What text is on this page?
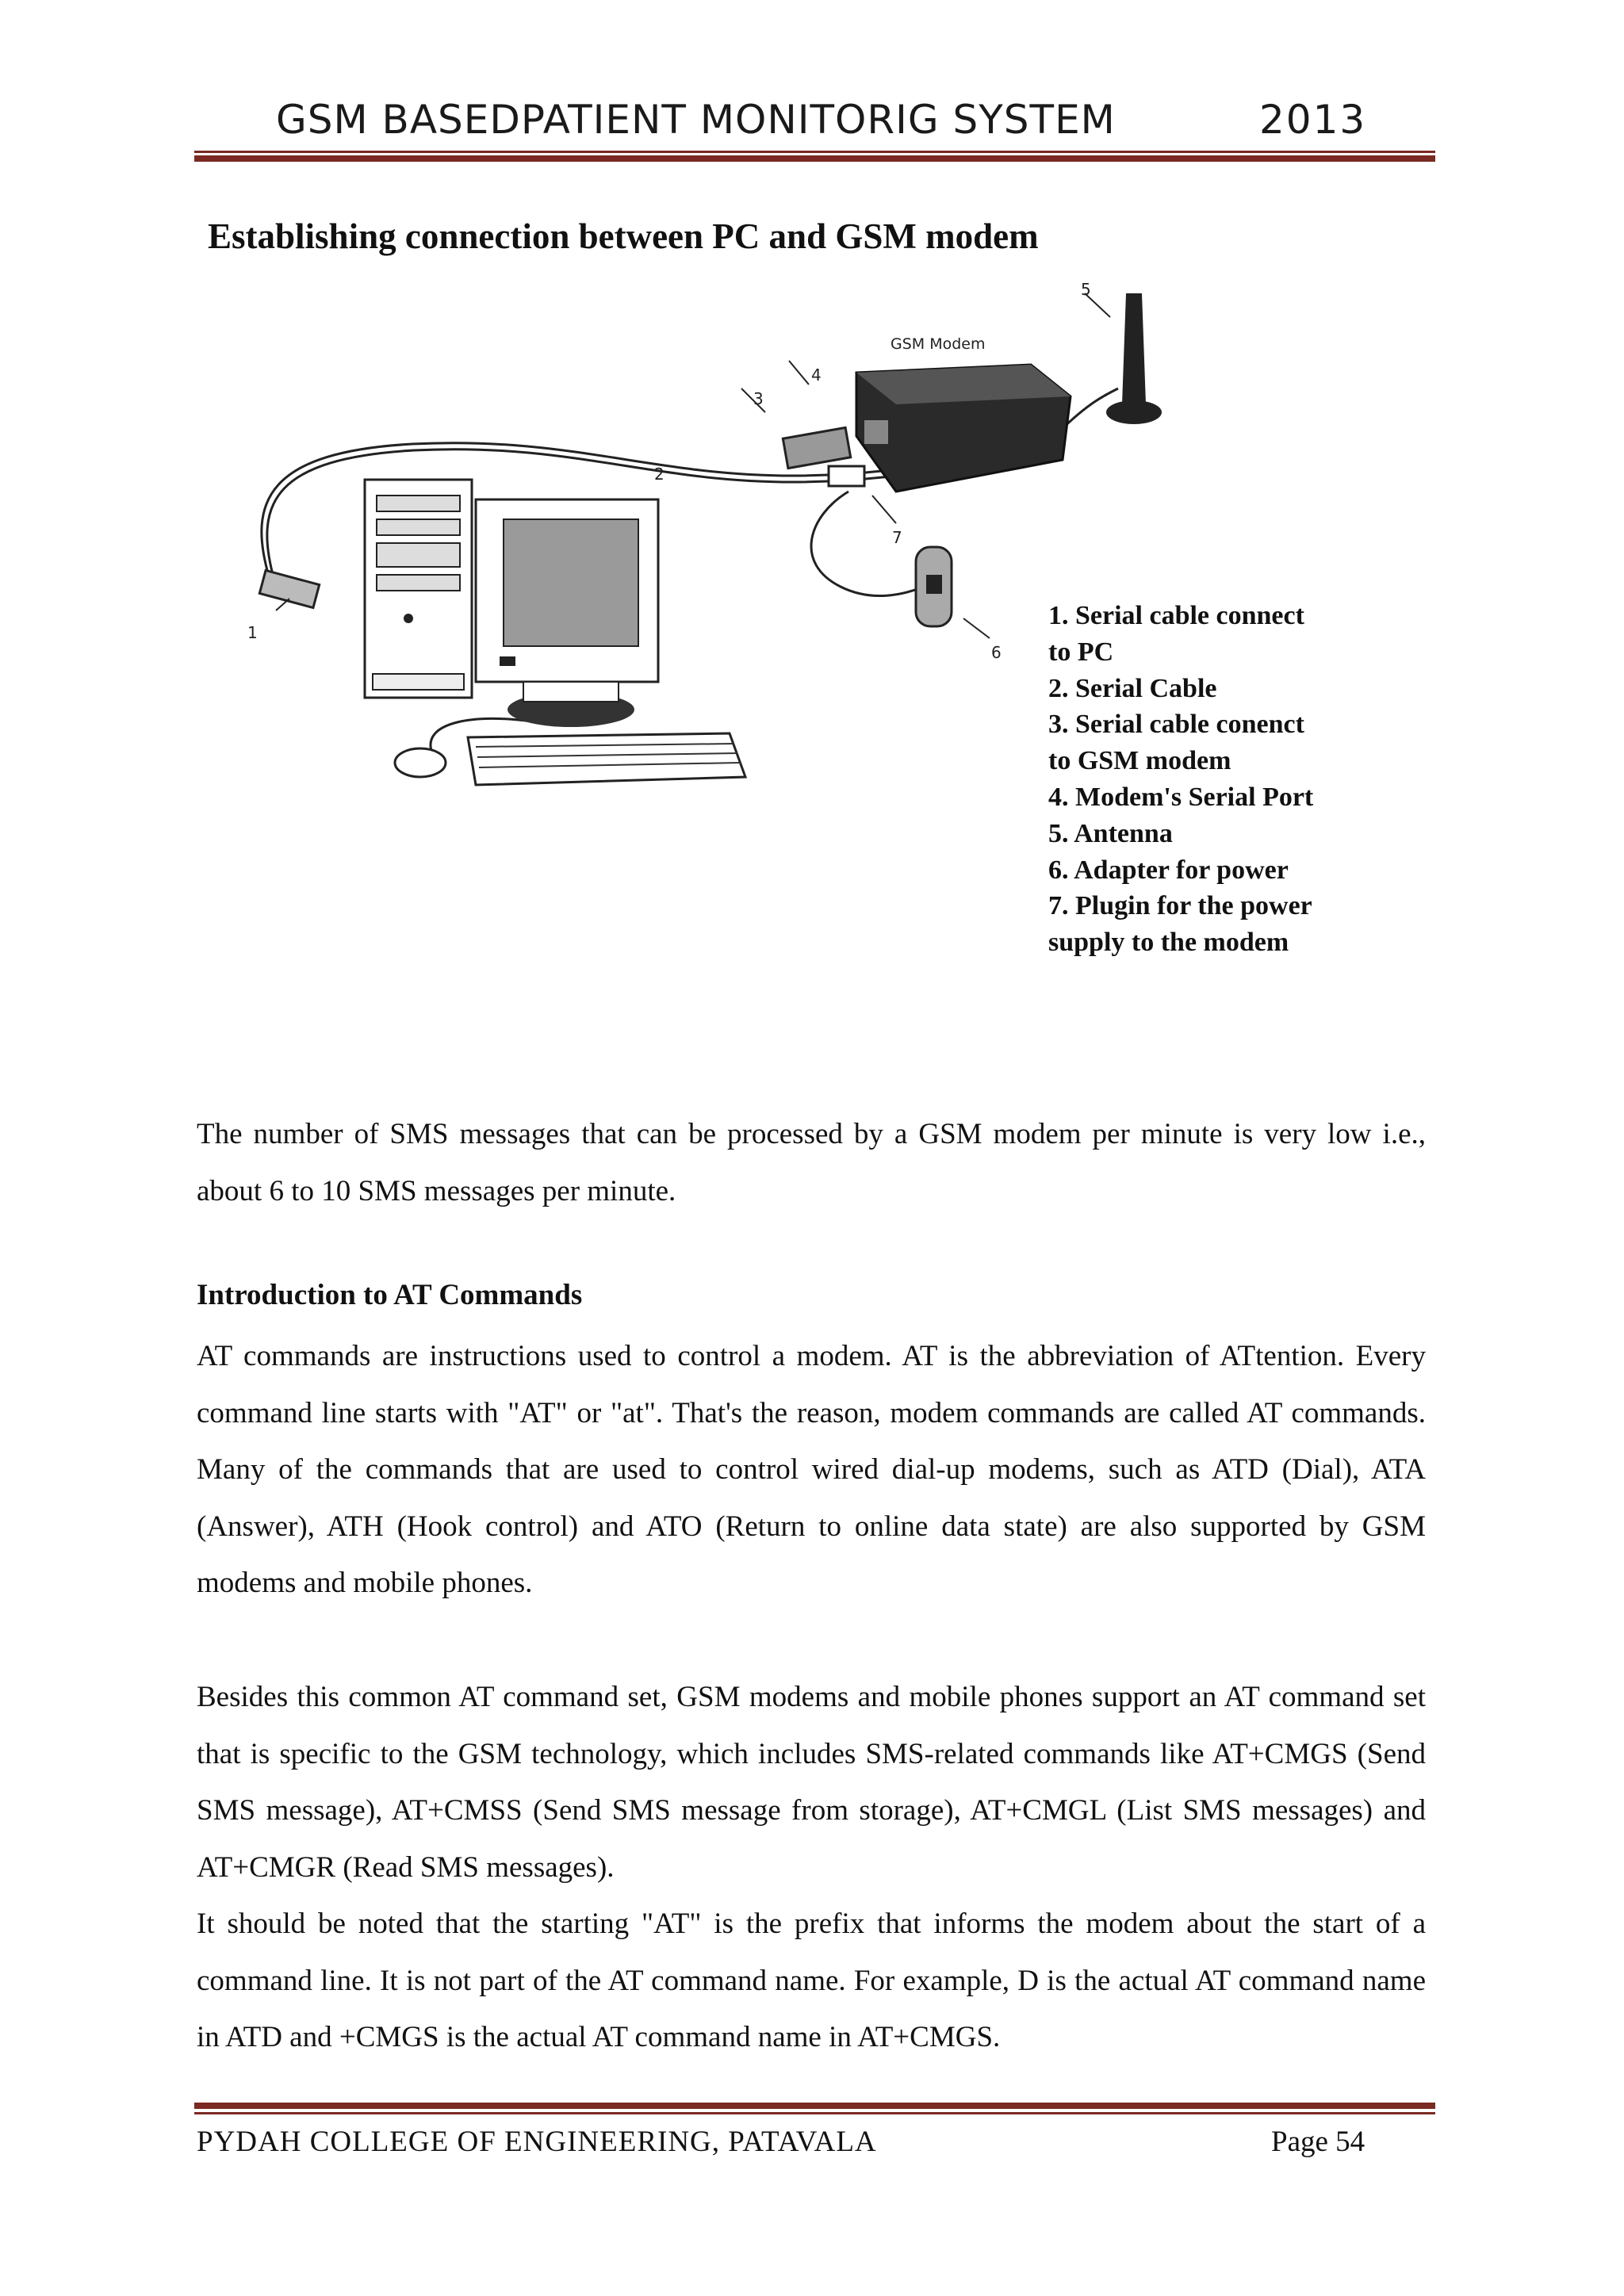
GSM BASEDPATIENT MONITORIG SYSTEM	2013
Establishing connection between PC and GSM modem
1
2
3
4
5
6
7
GSM Modem
1. Serial cable connect
to PC
2. Serial Cable
3. Serial cable conenct
to GSM modem
4. Modem's Serial Port
5. Antenna
6. Adapter for power
7. Plugin for the power
supply to the modem

The number of SMS messages that can be processed by a GSM modem per minute is very low i.e., about 6 to 10 SMS messages per minute.

Introduction to AT Commands

AT commands are instructions used to control a modem. AT is the abbreviation of ATtention. Every command line starts with "AT" or "at". That's the reason, modem commands are called AT commands. Many of the commands that are used to control wired dial-up modems, such as ATD (Dial), ATA (Answer), ATH (Hook control) and ATO (Return to online data state) are also supported by GSM modems and mobile phones.

Besides this common AT command set, GSM modems and mobile phones support an AT command set that is specific to the GSM technology, which includes SMS-related commands like AT+CMGS (Send SMS message), AT+CMSS (Send SMS message from storage), AT+CMGL (List SMS messages) and AT+CMGR (Read SMS messages).

It should be noted that the starting "AT" is the prefix that informs the modem about the start of a command line. It is not part of the AT command name. For example, D is the actual AT command name in ATD and +CMGS is the actual AT command name in AT+CMGS.

PYDAH COLLEGE OF ENGINEERING, PATAVALA	Page 54
